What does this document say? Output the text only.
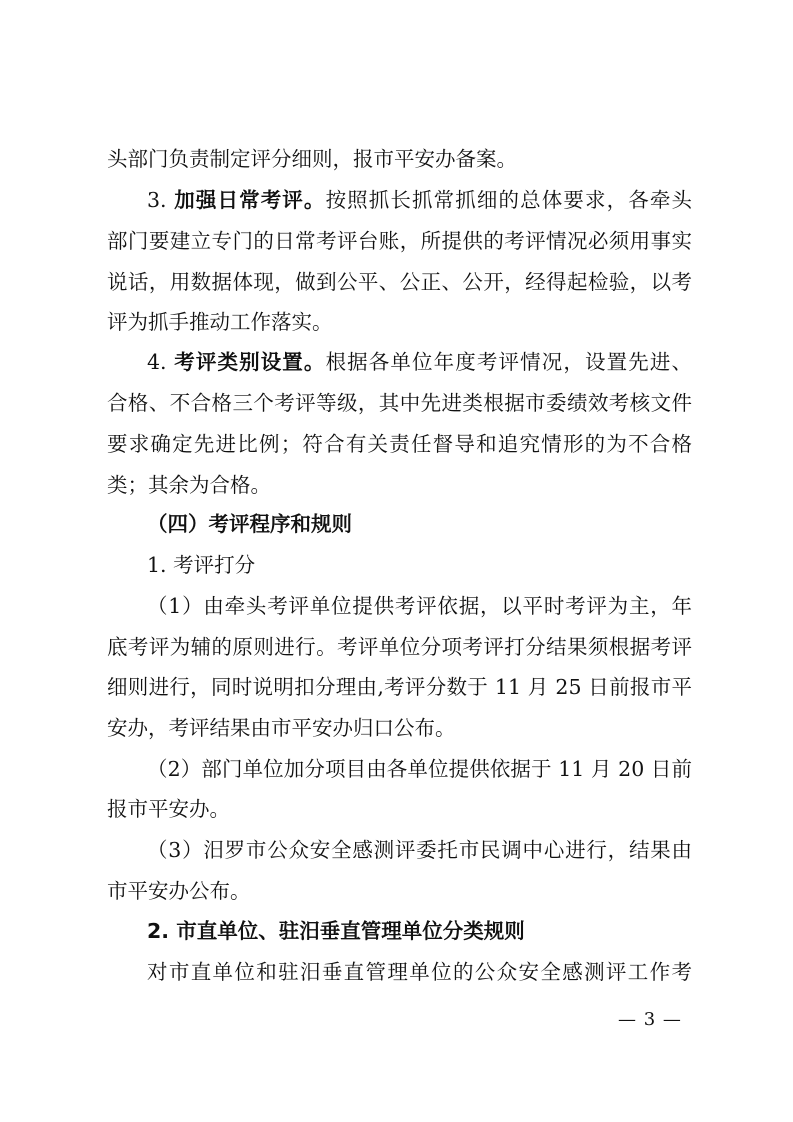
头部门负责制定评分细则，报市平安办备案。
3. 加强日常考评。按照抓长抓常抓细的总体要求，各牵头
部门要建立专门的日常考评台账，所提供的考评情况必须用事实
说话，用数据体现，做到公平、公正、公开，经得起检验，以考
评为抓手推动工作落实。
4. 考评类别设置。根据各单位年度考评情况，设置先进、
合格、不合格三个考评等级，其中先进类根据市委绩效考核文件
要求确定先进比例；符合有关责任督导和追究情形的为不合格
类；其余为合格。
（四）考评程序和规则
1. 考评打分
（1）由牵头考评单位提供考评依据，以平时考评为主，年
底考评为辅的原则进行。考评单位分项考评打分结果须根据考评
细则进行，同时说明扣分理由,考评分数于 11 月 25 日前报市平
安办，考评结果由市平安办归口公布。
（2）部门单位加分项目由各单位提供依据于 11 月 20 日前
报市平安办。
（3）汨罗市公众安全感测评委托市民调中心进行，结果由
市平安办公布。
2. 市直单位、驻汨垂直管理单位分类规则
对市直单位和驻汨垂直管理单位的公众安全感测评工作考
— 3 —
